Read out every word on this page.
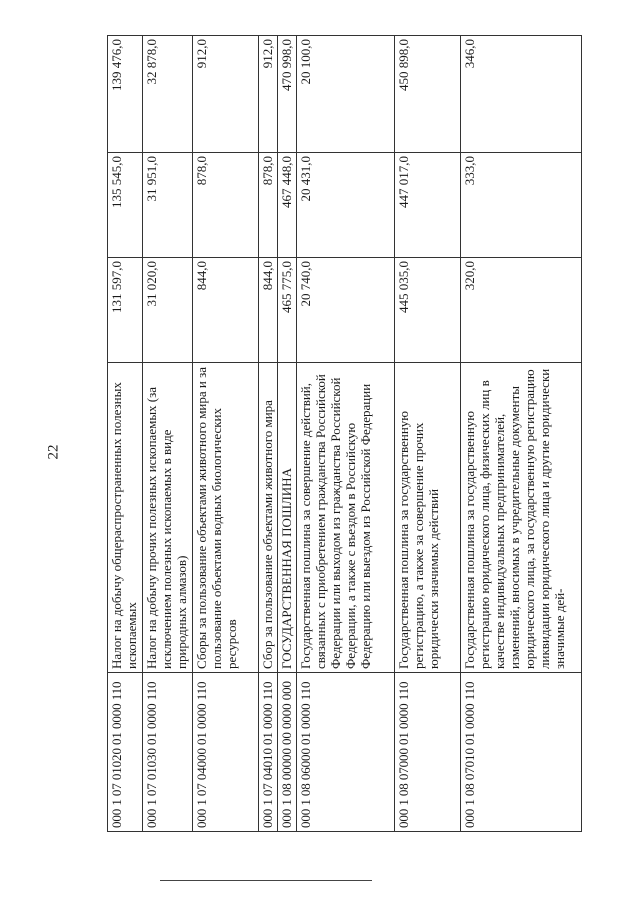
22
000 1 07 01020 01 0000 110	Налог на добычу общераспространенных полезных ископаемых	131 597,0	135 545,0	139 476,0
000 1 07 01030 01 0000 110	Налог на добычу прочих полезных ископаемых (за исключением полезных ископаемых в виде природных алмазов)	31 020,0	31 951,0	32 878,0
000 1 07 04000 01 0000 110	Сборы за пользование объектами животного мира и за пользование объектами водных биологических ресурсов	844,0	878,0	912,0
000 1 07 04010 01 0000 110	Сбор за пользование объектами животного мира	844,0	878,0	912,0
000 1 08 00000 00 0000 000	ГОСУДАРСТВЕННАЯ ПОШЛИНА	465 775,0	467 448,0	470 998,0
000 1 08 06000 01 0000 110	Государственная пошлина за совершение действий, связанных с приобретением гражданства Российской Федерации или выходом из гражданства Российской Федерации, а также с въездом в Российскую Федерацию или выездом из Российской Федерации	20 740,0	20 431,0	20 100,0
000 1 08 07000 01 0000 110	Государственная пошлина за государственную регистрацию, а также за совершение прочих юридически значимых действий	445 035,0	447 017,0	450 898,0
000 1 08 07010 01 0000 110	Государственная пошлина за государственную регистрацию юридического лица, физических лиц в качестве индивидуальных предпринимателей, изменений, вносимых в учредительные документы юридического лица, за государственную регистрацию ликвидации юридического лица и другие юридически значимые дей-	320,0	333,0	346,0
